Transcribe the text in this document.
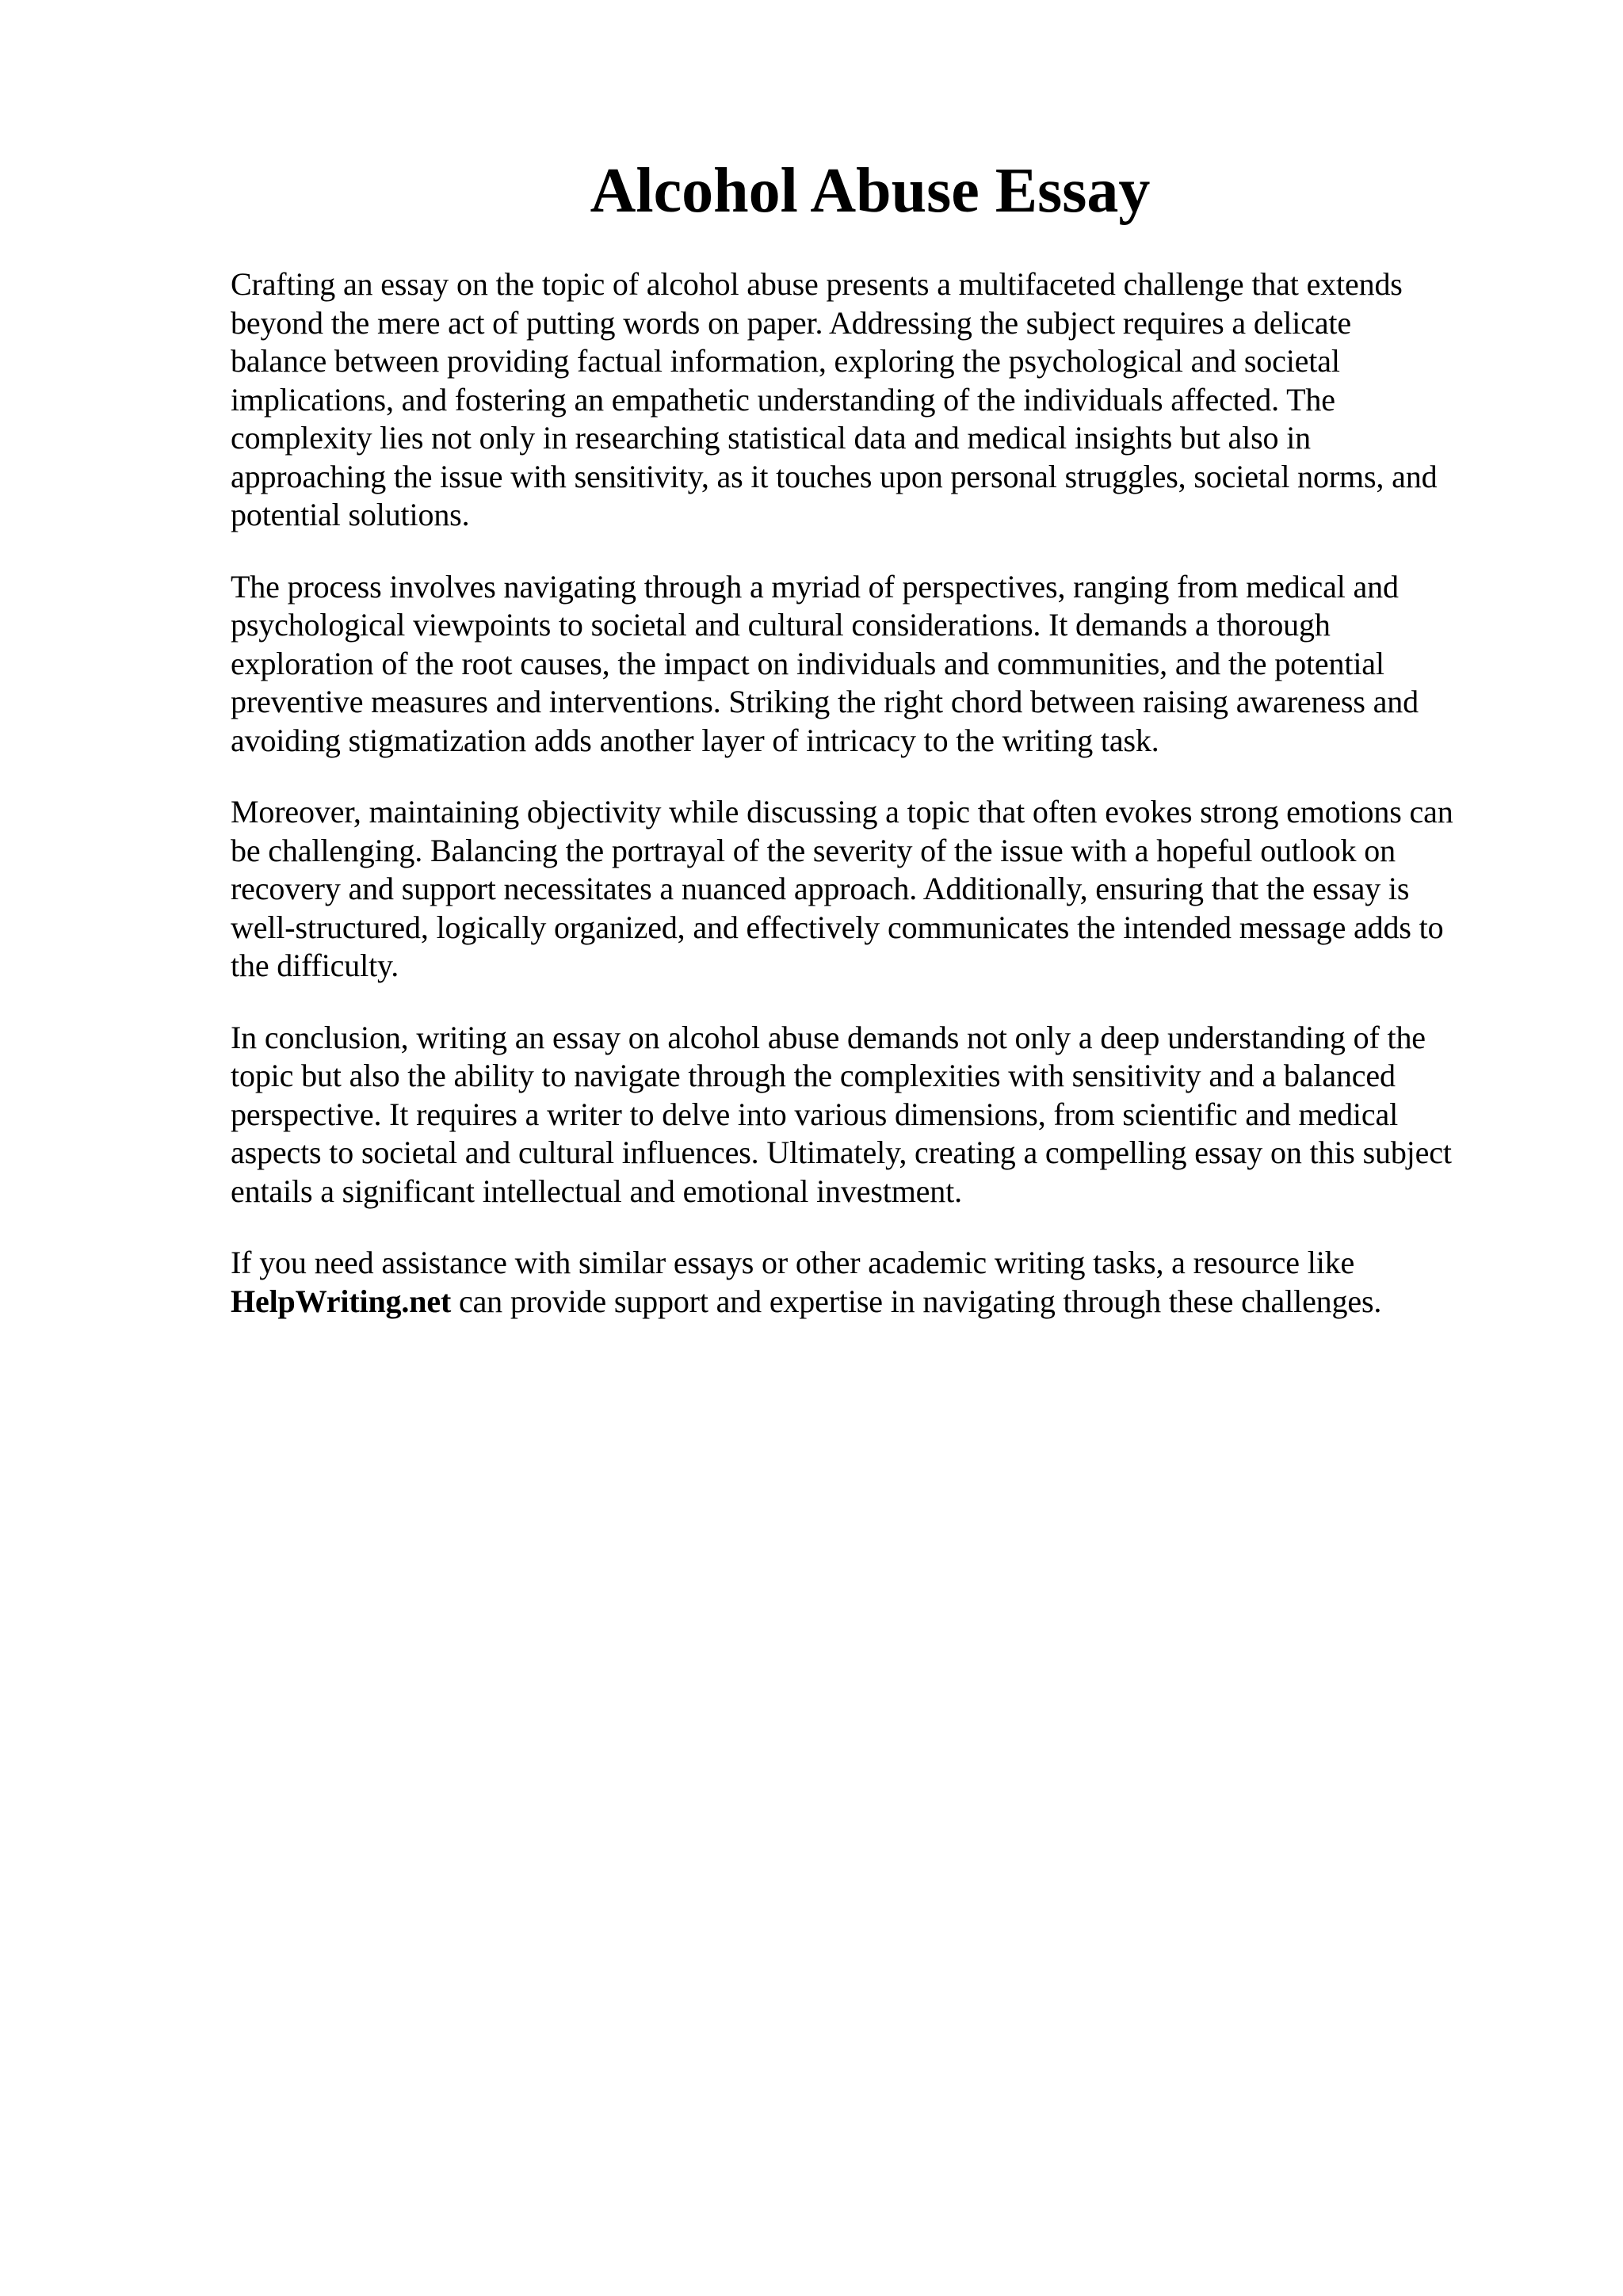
Alcohol Abuse Essay

Crafting an essay on the topic of alcohol abuse presents a multifaceted challenge that extends
beyond the mere act of putting words on paper. Addressing the subject requires a delicate
balance between providing factual information, exploring the psychological and societal
implications, and fostering an empathetic understanding of the individuals affected. The
complexity lies not only in researching statistical data and medical insights but also in
approaching the issue with sensitivity, as it touches upon personal struggles, societal norms, and
potential solutions.

The process involves navigating through a myriad of perspectives, ranging from medical and
psychological viewpoints to societal and cultural considerations. It demands a thorough
exploration of the root causes, the impact on individuals and communities, and the potential
preventive measures and interventions. Striking the right chord between raising awareness and
avoiding stigmatization adds another layer of intricacy to the writing task.

Moreover, maintaining objectivity while discussing a topic that often evokes strong emotions can
be challenging. Balancing the portrayal of the severity of the issue with a hopeful outlook on
recovery and support necessitates a nuanced approach. Additionally, ensuring that the essay is
well-structured, logically organized, and effectively communicates the intended message adds to
the difficulty.

In conclusion, writing an essay on alcohol abuse demands not only a deep understanding of the
topic but also the ability to navigate through the complexities with sensitivity and a balanced
perspective. It requires a writer to delve into various dimensions, from scientific and medical
aspects to societal and cultural influences. Ultimately, creating a compelling essay on this subject
entails a significant intellectual and emotional investment.

If you need assistance with similar essays or other academic writing tasks, a resource like
HelpWriting.net can provide support and expertise in navigating through these challenges.
